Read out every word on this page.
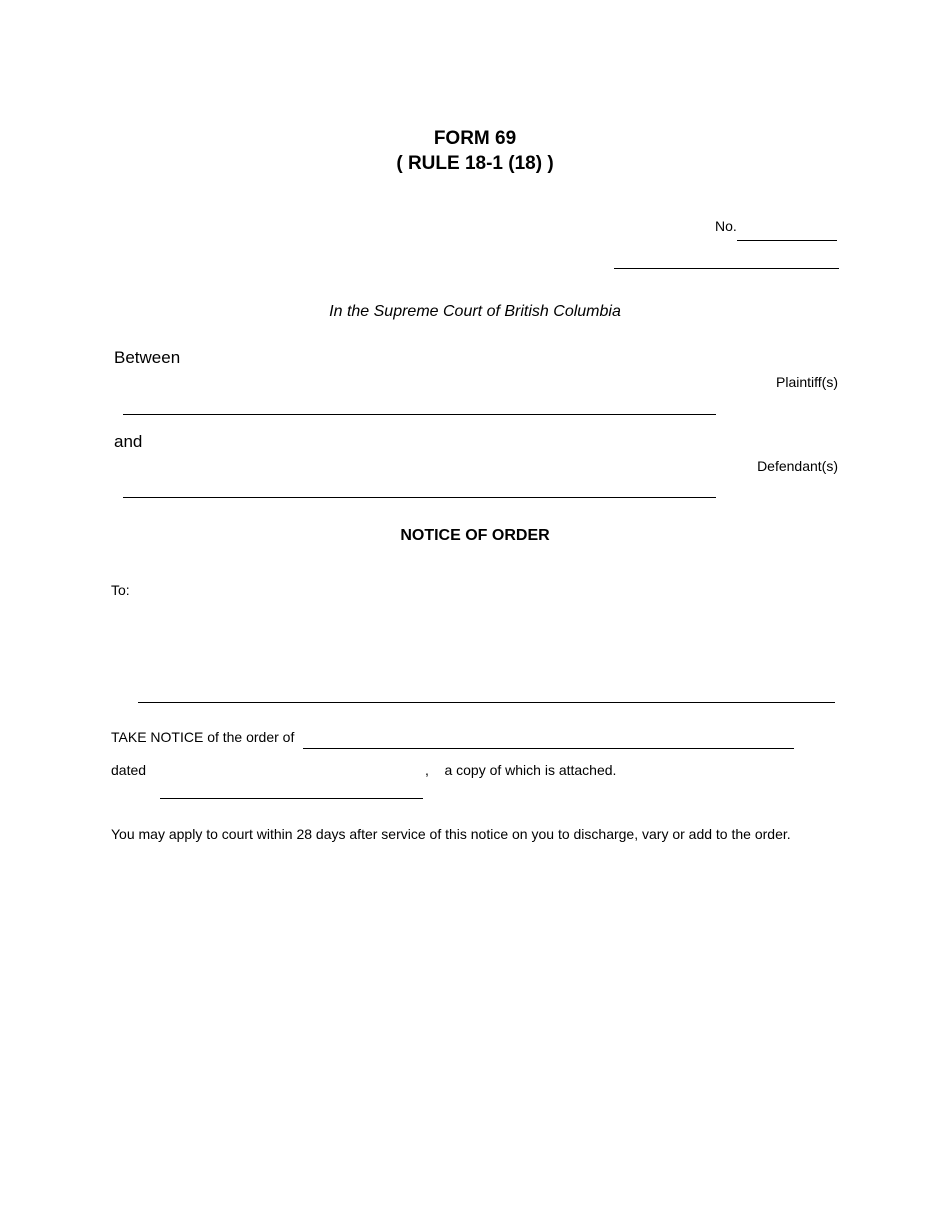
FORM 69
( RULE 18-1 (18) )
No.
In the Supreme Court of British Columbia
Between
Plaintiff(s)
and
Defendant(s)
NOTICE OF ORDER
To:
TAKE NOTICE of the order of
dated	,    a copy of which is attached.
You may apply to court within 28 days after service of this notice on you to discharge, vary or add to the order.
